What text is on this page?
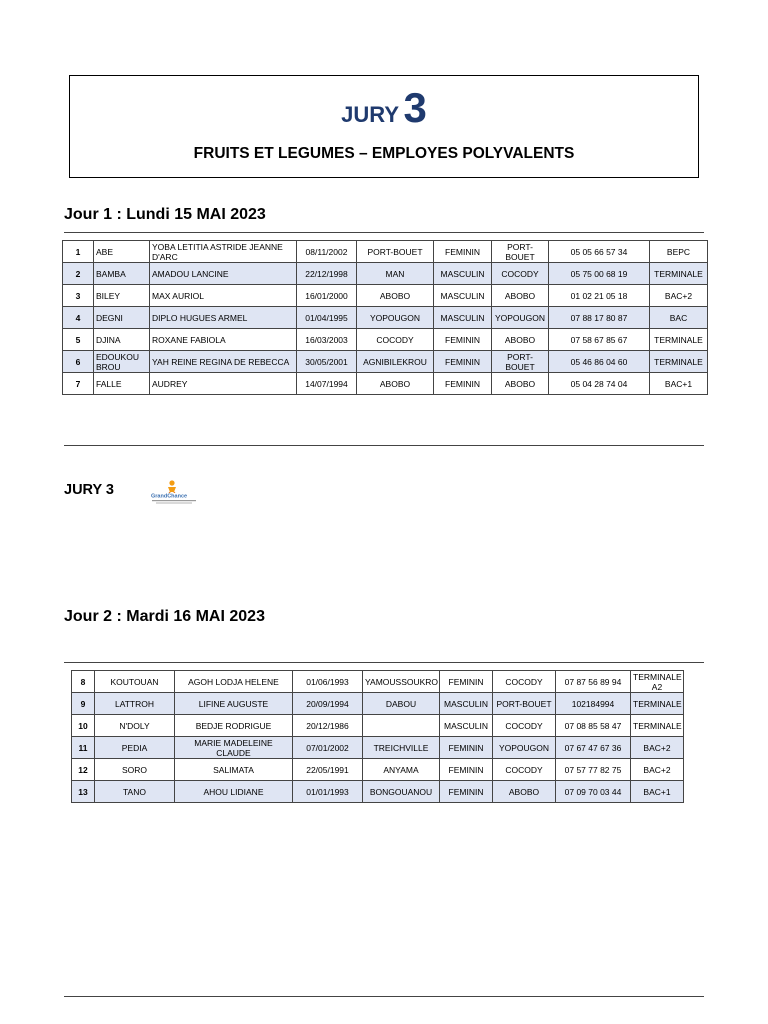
JURY 3
FRUITS ET LEGUMES – EMPLOYES POLYVALENTS
Jour 1 : Lundi 15 MAI 2023
1	ABE	YOBA LETITIA ASTRIDE JEANNE D'ARC	08/11/2002	PORT-BOUET	FEMININ	PORT-BOUET	05 05 66 57 34	BEPC
2	BAMBA	AMADOU LANCINE	22/12/1998	MAN	MASCULIN	COCODY	05 75 00 68 19	TERMINALE
3	BILEY	MAX AURIOL	16/01/2000	ABOBO	MASCULIN	ABOBO	01 02 21 05 18	BAC+2
4	DEGNI	DIPLO HUGUES ARMEL	01/04/1995	YOPOUGON	MASCULIN	YOPOUGON	07 88 17 80 87	BAC
5	DJINA	ROXANE FABIOLA	16/03/2003	COCODY	FEMININ	ABOBO	07 58 67 85 67	TERMINALE
6	EDOUKOU BROU	YAH REINE REGINA DE REBECCA	30/05/2001	AGNIBILEKROU	FEMININ	PORT-BOUET	05 46 86 04 60	TERMINALE
7	FALLE	AUDREY	14/07/1994	ABOBO	FEMININ	ABOBO	05 04 28 74 04	BAC+1
JURY 3	GrandChance
Jour 2 : Mardi 16 MAI 2023
8	KOUTOUAN	AGOH LODJA HELENE	01/06/1993	YAMOUSSOUKRO	FEMININ	COCODY	07 87 56 89 94	TERMINALE A2
9	LATTROH	LIFINE AUGUSTE	20/09/1994	DABOU	MASCULIN	PORT-BOUET	102184994	TERMINALE
10	N'DOLY	BEDJE RODRIGUE	20/12/1986		MASCULIN	COCODY	07 08 85 58 47	TERMINALE
11	PEDIA	MARIE MADELEINE CLAUDE	07/01/2002	TREICHVILLE	FEMININ	YOPOUGON	07 67 47 67 36	BAC+2
12	SORO	SALIMATA	22/05/1991	ANYAMA	FEMININ	COCODY	07 57 77 82 75	BAC+2
13	TANO	AHOU LIDIANE	01/01/1993	BONGOUANOU	FEMININ	ABOBO	07 09 70 03 44	BAC+1
